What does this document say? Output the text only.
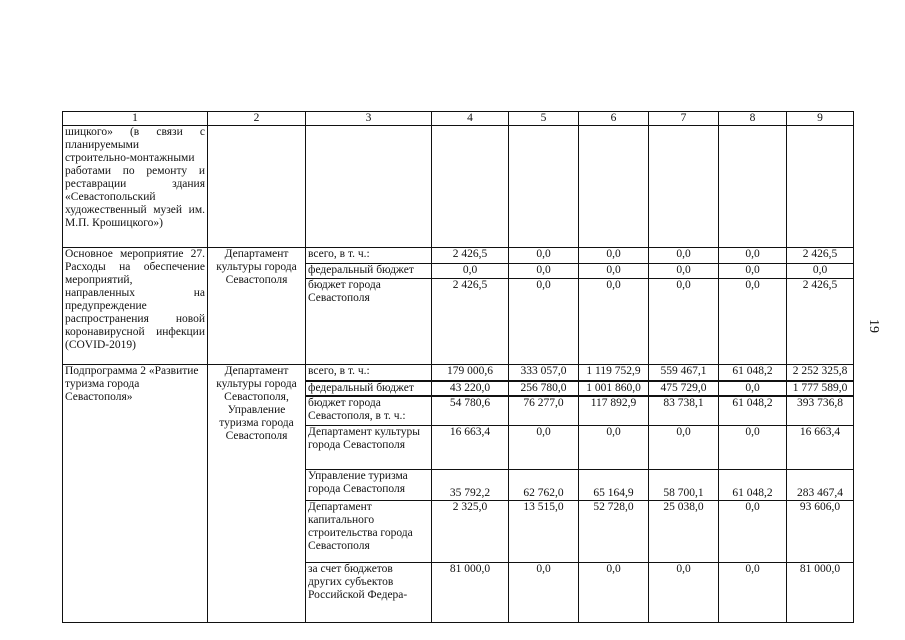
1	2	3	4	5	6	7	8	9
шицкого» (в связи с планируемыми строительно-монтажными работами по ремонту и реставрации здания «Севастопольский художественный музей им. М.П. Крошицкого»)								
Основное мероприятие 27. Расходы на обеспечение мероприятий, направленных на предупреждение распространения новой коронавирусной инфекции (COVID-2019)	Департамент культуры города Севастополя	всего, в т. ч.:	2 426,5	0,0	0,0	0,0	0,0	2 426,5
		федеральный бюджет	0,0	0,0	0,0	0,0	0,0	0,0
		бюджет города Севастополя	2 426,5	0,0	0,0	0,0	0,0	2 426,5
Подпрограмма 2 «Развитие туризма города Севастополя»	Департамент культуры города Севастополя, Управление туризма города Севастополя	всего, в т. ч.:	179 000,6	333 057,0	1 119 752,9	559 467,1	61 048,2	2 252 325,8
		федеральный бюджет	43 220,0	256 780,0	1 001 860,0	475 729,0	0,0	1 777 589,0
		бюджет города Севастополя, в т. ч.:	54 780,6	76 277,0	117 892,9	83 738,1	61 048,2	393 736,8
		Департамент культуры города Севастополя	16 663,4	0,0	0,0	0,0	0,0	16 663,4
		Управление туризма города Севастополя	35 792,2	62 762,0	65 164,9	58 700,1	61 048,2	283 467,4
		Департамент капитального строительства города Севастополя	2 325,0	13 515,0	52 728,0	25 038,0	0,0	93 606,0
		за счет бюджетов других субъектов Российской Федера-	81 000,0	0,0	0,0	0,0	0,0	81 000,0
19
